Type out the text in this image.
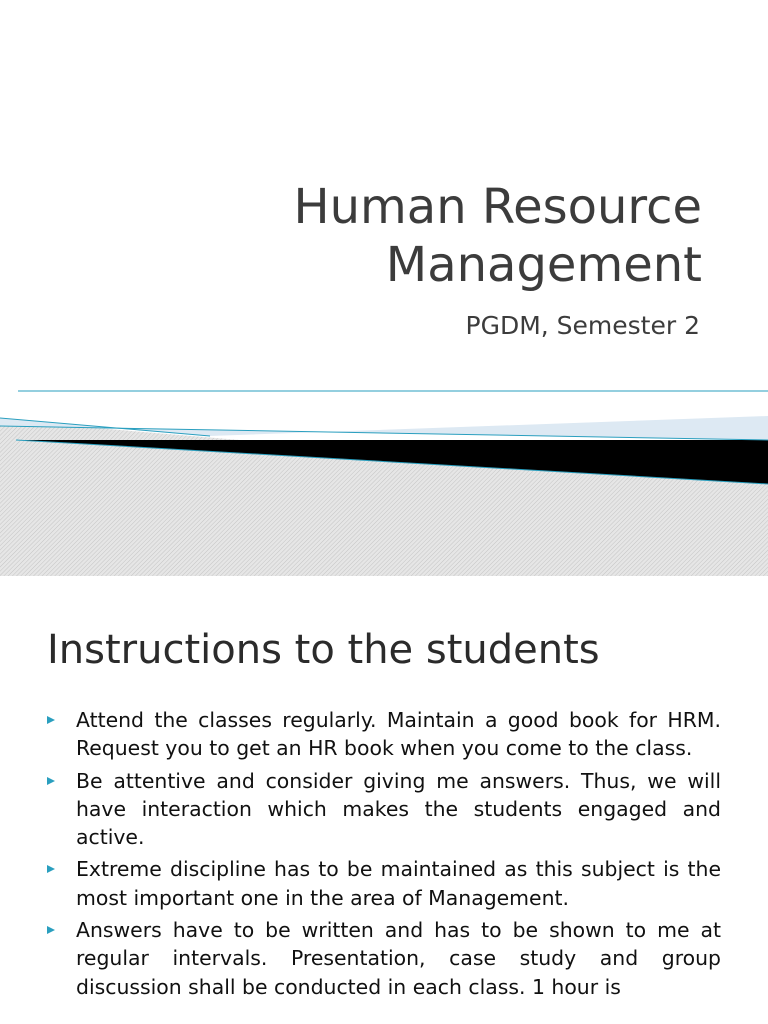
Human Resource
Management

PGDM, Semester 2

Instructions to the students
Attend the classes regularly. Maintain a good book for HRM. Request you to get an HR book when you come to the class.
Be attentive and consider giving me answers. Thus, we will have interaction which makes the students engaged and active.
Extreme discipline has to be maintained as this subject is the most important one in the area of Management.
Answers have to be written and has to be shown to me at regular intervals. Presentation, case study and group discussion shall be conducted in each class. 1 hour is
